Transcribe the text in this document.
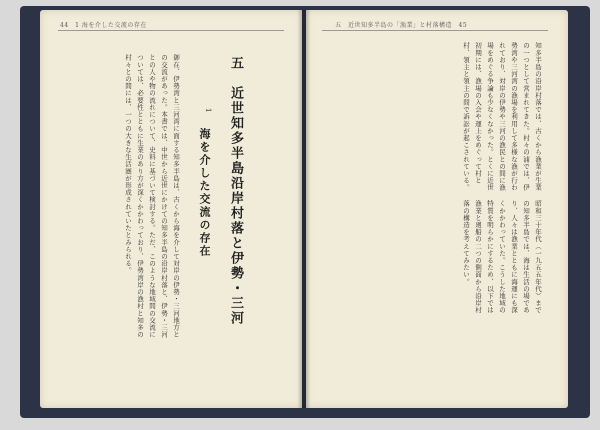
44　1 海を介した交流の存在	五　近世知多半島の「漁業」と村落構造　45
知多半島の沿岸村落では、古くから漁業が生業の一つとして営まれてきた。村々の浦では、伊勢湾や三河湾の漁場を利用して多様な漁が行われており、対岸の伊勢や三河の漁民との間に漁場をめぐる争論も少なくなかった。とくに近世初期には、漁場の入会や運上をめぐって村と村、領主と領主の間で訴訟が起こされている。
昭和三十年代（一九五五年代）までの知多半島では、海は生活の場であり、人々は漁業とともに海運にも深くかかわっていた。こうした地域の特質を明らかにするため、以下では漁業と廻船の二つの側面から沿岸村落の構造を考えてみたい。
五　近世知多半島沿岸村落と伊勢・三河
1
海を介した交流の存在
御在、伊勢湾と三河湾に面する知多半島は、古くから海を介して対岸の伊勢・三河地方との交流があった。本書では、中世から近世にかけての知多半島の沿岸村落と、伊勢・三河との人や物の流れについて、史料に基づいて検討する。ただ、このような地域間の交流については、必要性とともに生業のあり方が深くかかわっており、伊勢湾岸の漁村と知多の村々との間には、一つの大きな生活圏が形成されていたとみられる。
